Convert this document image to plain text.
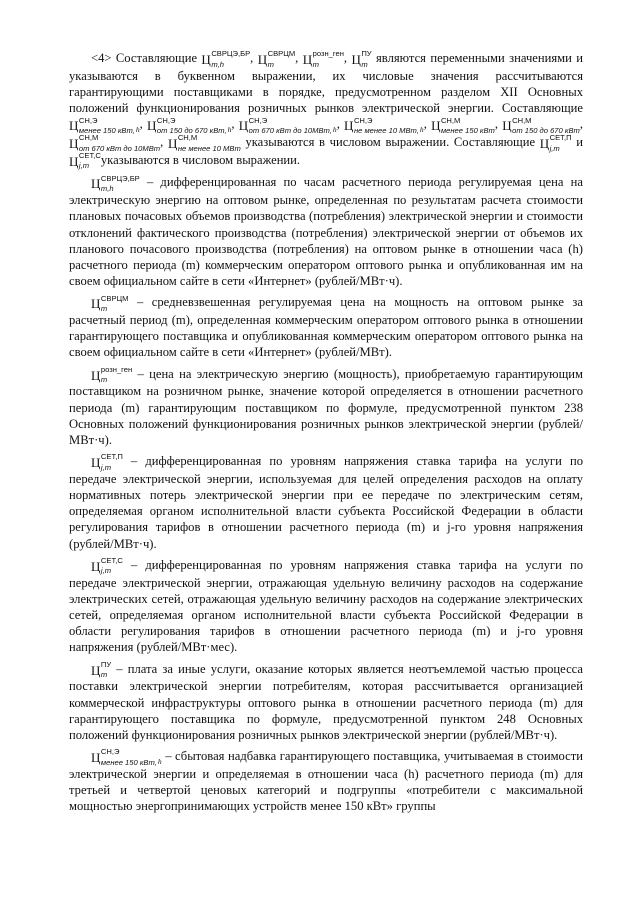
<4> Составляющие Ц СВРЦЭ,БР
m,h	, Ц СВРЦМ
m	, Ц розн_ген
m	, Ц ПУ
m являются переменными значениями и указываются в буквенном выражении, их числовые значения рассчитываются гарантирующими поставщиками в порядке, предусмотренном разделом XII Основных положений функционирования розничных рынков электрической энергии. Составляющие
Ц СН,Э
менее 150 кВт, h , Ц СН,Э
от 150 до 670 кВт, h , Ц СН,Э
от 670 кВт до 10МВт, h , Ц СН,Э
не менее 10 МВт, h , Ц СН,М
менее 150 кВт , Ц СН,М
от 150 до 670 кВт ,
Ц СН,М
от 670 кВт до 10МВт , Ц СН,М
не менее 10 МВт указываются в числовом выражении. Составляющие Ц СЕТ,П
j,m	и
Ц СЕТ,С
j,m указываются в числовом выражении.

Ц СВРЦЭ,БР
m,h	– дифференцированная по часам расчетного периода регулируемая цена на электрическую энергию на оптовом рынке, определенная по результатам расчета стоимости плановых почасовых объемов производства (потребления) электрической энергии и стоимости отклонений фактического производства (потребления) электрической энергии от объемов их планового почасового производства (потребления) на оптовом рынке в отношении часа (h) расчетного периода (m) коммерческим оператором оптового рынка и опубликованная им на своем официальном сайте в сети «Интернет» (рублей/МВт·ч).

Ц СВРЦМ
m	– средневзвешенная регулируемая цена на мощность на оптовом рынке за расчетный период (m), определенная коммерческим оператором оптового рынка в отношении гарантирующего поставщика и опубликованная коммерческим оператором оптового рынка на своем официальном сайте в сети «Интернет» (рублей/МВт).

Ц розн_ген
m	– цена на электрическую энергию (мощность), приобретаемую гарантирующим поставщиком на розничном рынке, значение которой определяется в отношении расчетного периода (m) гарантирующим поставщиком по формуле, предусмотренной пунктом 238 Основных положений функционирования розничных рынков электрической энергии (рублей/МВт·ч).

Ц СЕТ,П
j,m – дифференцированная по уровням напряжения ставка тарифа на услуги по передаче электрической энергии, используемая для целей определения расходов на оплату нормативных потерь электрической энергии при ее передаче по электрическим сетям, определяемая органом исполнительной власти субъекта Российской Федерации в области регулирования тарифов в отношении расчетного периода (m) и j-го уровня напряжения (рублей/МВт·ч).

Ц СЕТ,С
j,m – дифференцированная по уровням напряжения ставка тарифа на услуги по передаче электрической энергии, отражающая удельную величину расходов на содержание электрических сетей, отражающая удельную величину расходов на содержание электрических сетей, определяемая органом исполнительной власти субъекта Российской Федерации в области регулирования тарифов в отношении расчетного периода (m) и j-го уровня напряжения (рублей/МВт·мес).

Ц ПУ
m – плата за иные услуги, оказание которых является неотъемлемой частью процесса поставки электрической энергии потребителям, которая рассчитывается организацией коммерческой инфраструктуры оптового рынка в отношении расчетного периода (m) для гарантирующего поставщика по формуле, предусмотренной пунктом 248 Основных положений функционирования розничных рынков электрической энергии (рублей/МВт·ч).

Ц СН,Э
менее 150 кВт, h – сбытовая надбавка гарантирующего поставщика, учитываемая в стоимости электрической энергии и определяемая в отношении часа (h) расчетного периода (m) для третьей и четвертой ценовых категорий и подгруппы «потребители с максимальной мощностью энергопринимающих устройств менее 150 кВт» группы
